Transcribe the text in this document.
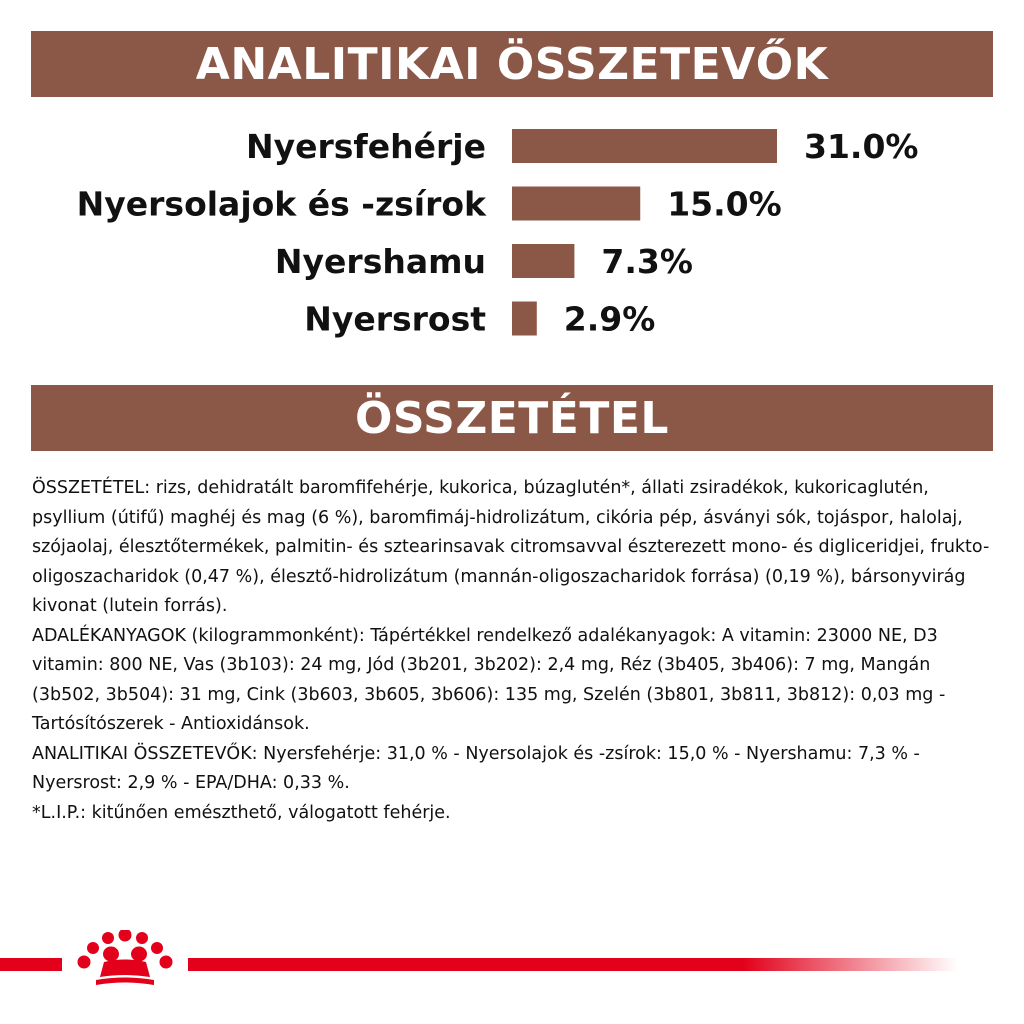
ANALITIKAI ÖSSZETEVŐK
Nyersfehérje	31.0%
Nyersolajok és -zsírok	15.0%
Nyershamu	7.3%
Nyersrost 2.9%
ÖSSZETÉTEL

ÖSSZETÉTEL: rizs, dehidratált baromfifehérje, kukorica, búzaglutén*, állati zsiradékok, kukoricaglutén, psyllium (útifű) maghéj és mag (6 %), baromfimáj-hidrolizátum, cikória pép, ásványi sók, tojáspor, halolaj, szójaolaj, élesztőtermékek, palmitin- és sztearinsavak citromsavval észterezett mono- és digliceridjei, frukto-oligoszacharidok (0,47 %), élesztő-hidrolizátum (mannán-oligoszacharidok forrása) (0,19 %), bársonyvirág kivonat (lutein forrás).

ADALÉKANYAGOK (kilogrammonként): Tápértékkel rendelkező adalékanyagok: A vitamin: 23000 NE, D3 vitamin: 800 NE, Vas (3b103): 24 mg, Jód (3b201, 3b202): 2,4 mg, Réz (3b405, 3b406): 7 mg, Mangán (3b502, 3b504): 31 mg, Cink (3b603, 3b605, 3b606): 135 mg, Szelén (3b801, 3b811, 3b812): 0,03 mg - Tartósítószerek - Antioxidánsok.

ANALITIKAI ÖSSZETEVŐK: Nyersfehérje: 31,0 % - Nyersolajok és -zsírok: 15,0 % - Nyershamu: 7,3 % - Nyersrost: 2,9 % - EPA/DHA: 0,33 %.

*L.I.P.: kitűnően emészthető, válogatott fehérje.
